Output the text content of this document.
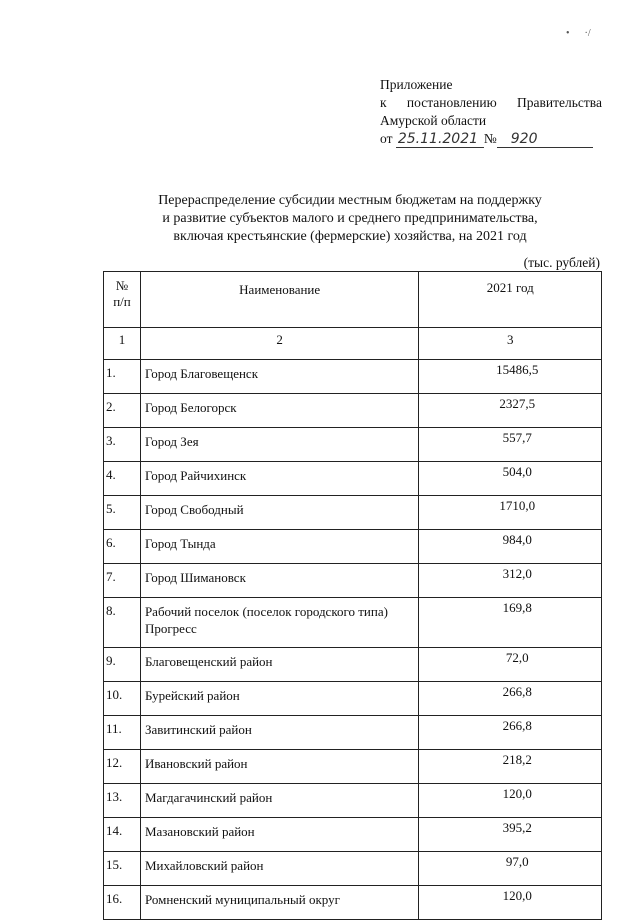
•      ·/
Приложение
к постановлению Правительства
Амурской области
от
25.11.2021 №	920
Перераспределение субсидии местным бюджетам на поддержку
и развитие субъектов малого и среднего предпринимательства,
включая крестьянские (фермерские) хозяйства, на 2021 год
(тыс. рублей)
№
п/п	Наименование	2021 год
1	2	3
1.	Город Благовещенск	15486,5
2.	Город Белогорск	2327,5
3.	Город Зея	557,7
4.	Город Райчихинск	504,0
5.	Город Свободный	1710,0
6.	Город Тында	984,0
7.	Город Шимановск	312,0
8.	Рабочий поселок (поселок городского типа) Прогресс	169,8
9.	Благовещенский район	72,0
10.	Бурейский район	266,8
11.	Завитинский район	266,8
12.	Ивановский район	218,2
13.	Магдагачинский район	120,0
14.	Мазановский район	395,2
15.	Михайловский район	97,0
16.	Ромненский муниципальный округ	120,0
